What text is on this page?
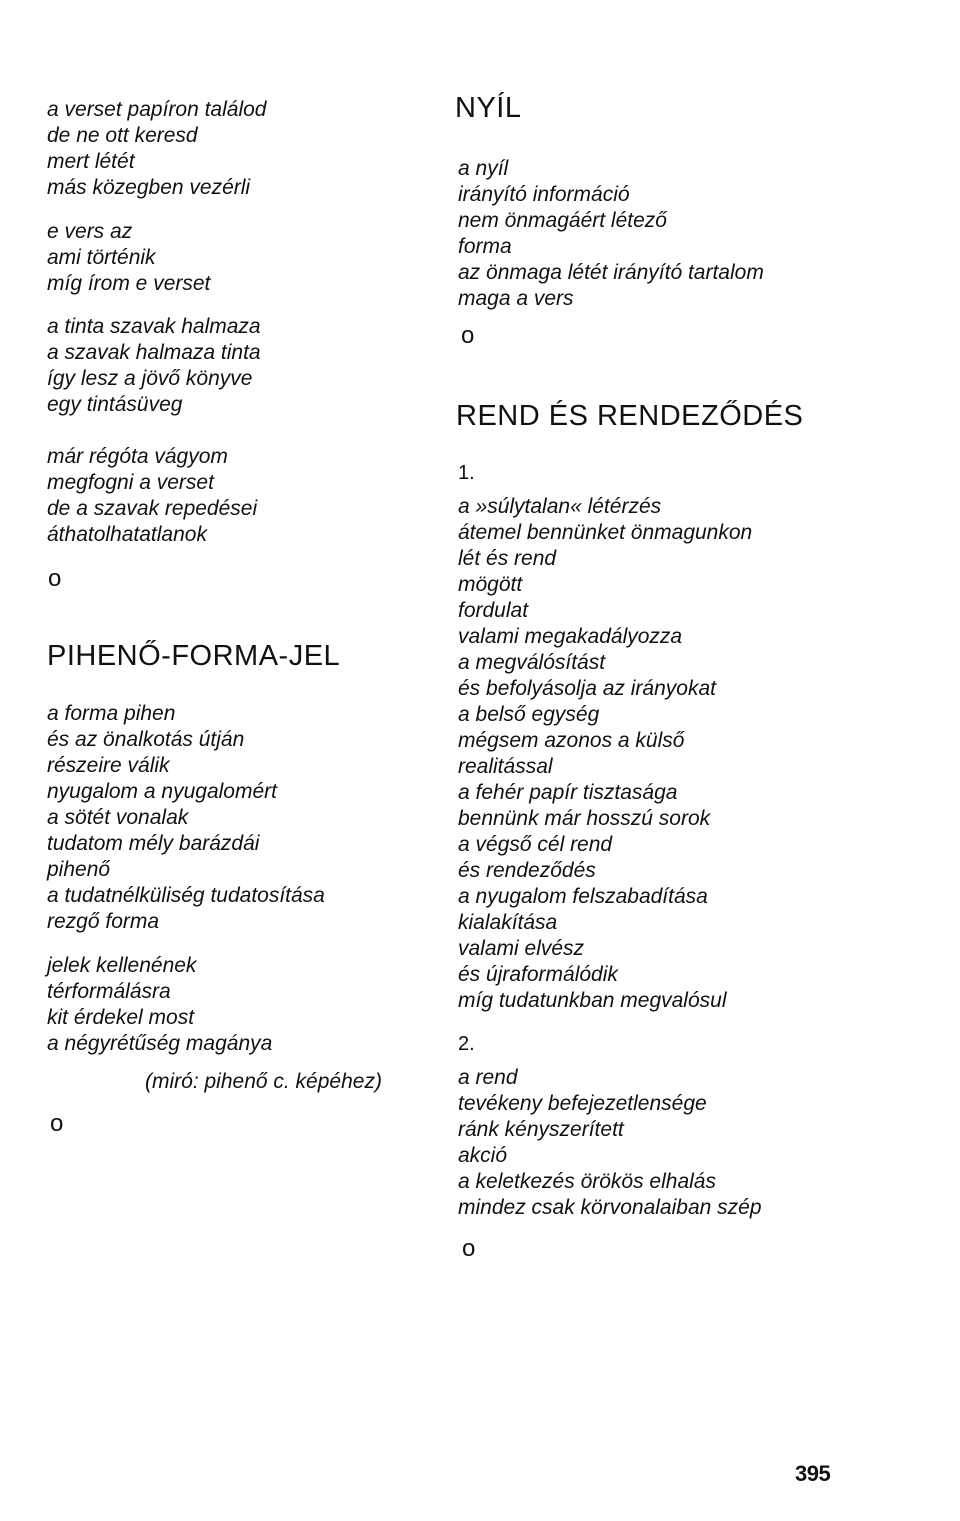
a verset papíron találod
de ne ott keresd
mert létét
más közegben vezérli
e vers az
ami történik
míg írom e verset
a tinta szavak halmaza
a szavak halmaza tinta
így lesz a jövő könyve
egy tintásüveg
már régóta vágyom
megfogni a verset
de a szavak repedései
áthatolhatatlanok
o
PIHENŐ-FORMA-JEL
a forma pihen
és az önalkotás útján
részeire válik
nyugalom a nyugalomért
a sötét vonalak
tudatom mély barázdái
pihenő
a tudatnélküliség tudatosítása
rezgő forma
jelek kellenének
térformálásra
kit érdekel most
a négyrétűség magánya
(miró: pihenő c. képéhez)
o
NYÍL
a nyíl
irányító információ
nem önmagáért létező
forma
az önmaga létét irányító tartalom
maga a vers
o
REND ÉS RENDEZŐDÉS
1.
a »súlytalan« létérzés
átemel bennünket önmagunkon
lét és rend
mögött
fordulat
valami megakadályozza
a megválósítást
és befolyásolja az irányokat
a belső egység
mégsem azonos a külső
realitással
a fehér papír tisztasága
bennünk már hosszú sorok
a végső cél rend
és rendeződés
a nyugalom felszabadítása
kialakítása
valami elvész
és újraformálódik
míg tudatunkban megvalósul
2.
a rend
tevékeny befejezetlensége
ránk kényszerített
akció
a keletkezés örökös elhalás
mindez csak körvonalaiban szép
o
395
